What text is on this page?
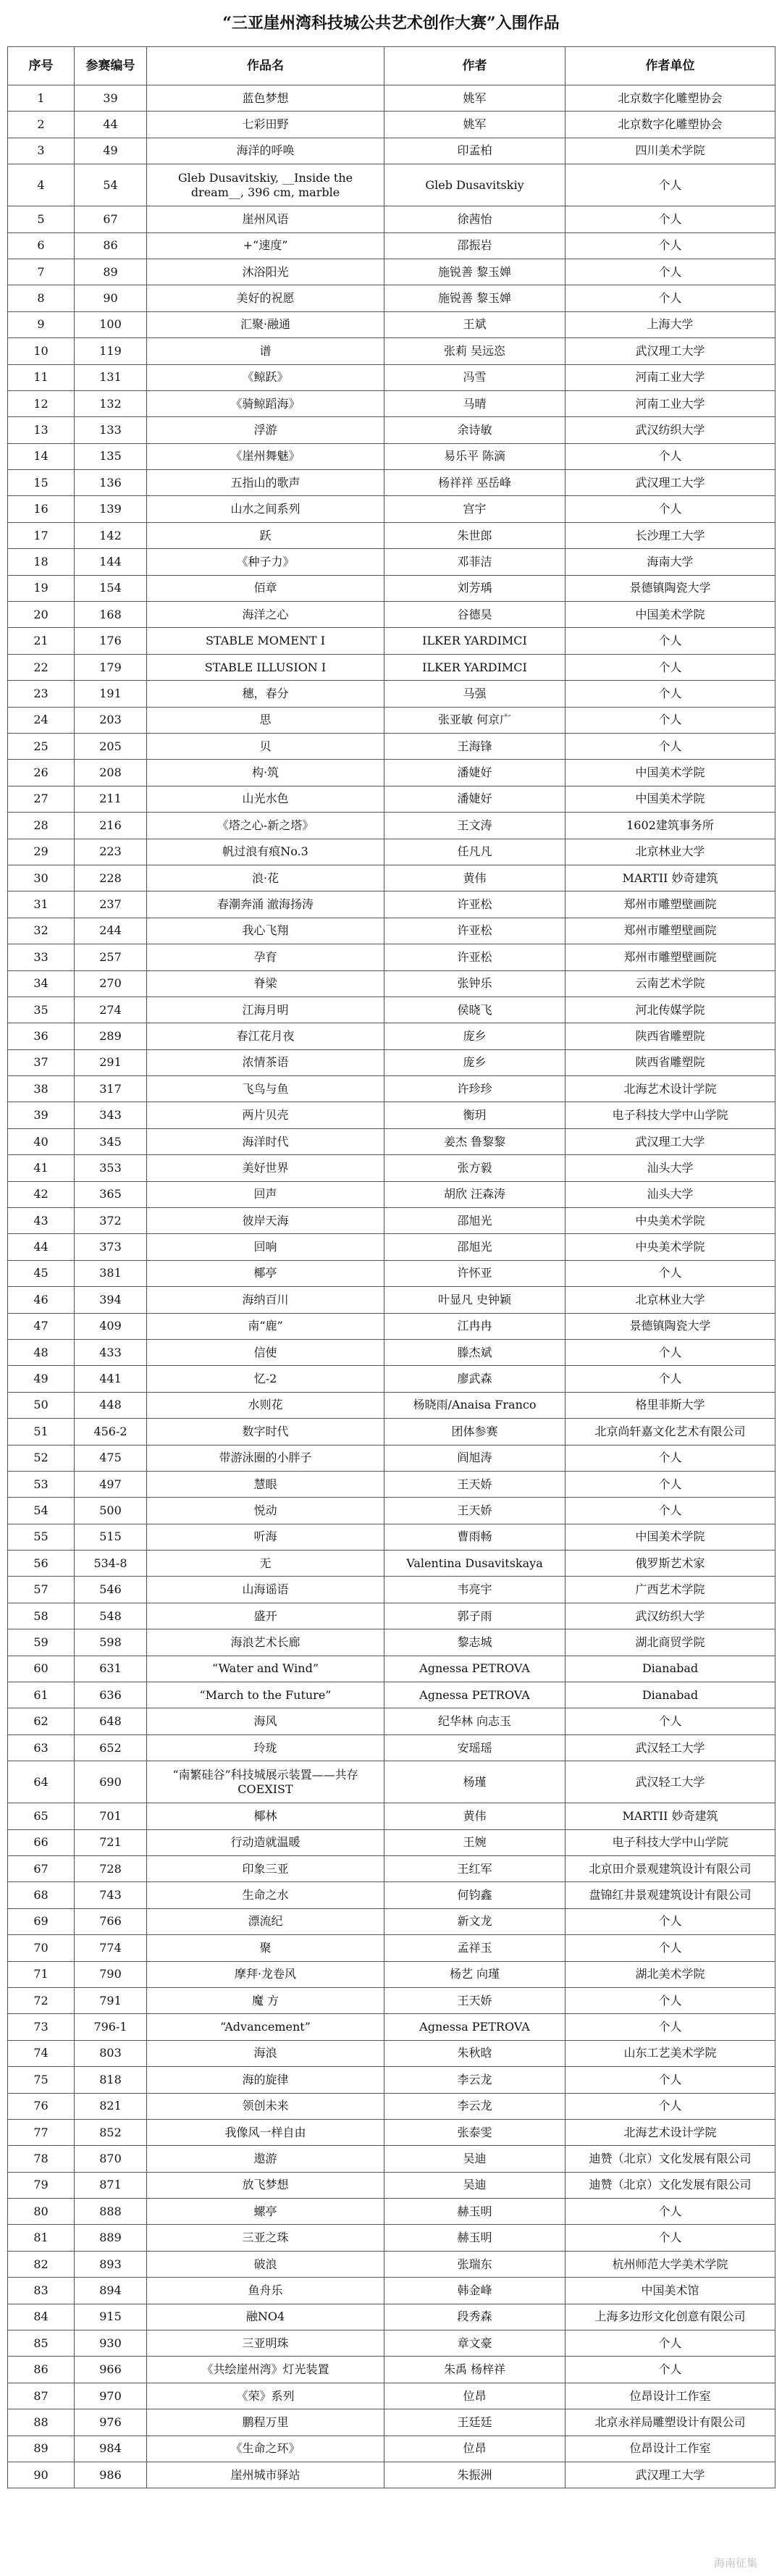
“三亚崖州湾科技城公共艺术创作大赛”入围作品
序号	参赛编号	作品名	作者	作者单位
1	39	蓝色梦想	姚军	北京数字化雕塑协会
2	44	七彩田野	姚军	北京数字化雕塑协会
3	49	海洋的呼唤	印孟柏	四川美术学院
4	54	Gleb Dusavitskiy, __Inside the dream__, 396 cm, marble	Gleb Dusavitskiy	个人
5	67	崖州风语	徐茜怡	个人
6	86	+“速度”	邵振岩	个人
7	89	沐浴阳光	施锐善 黎玉婵	个人
8	90	美好的祝愿	施锐善 黎玉婵	个人
9	100	汇聚·融通	王斌	上海大学
10	119	谱	张莉 吴远恣	武汉理工大学
11	131	《鲸跃》	冯雪	河南工业大学
12	132	《骑鲸蹈海》	马晴	河南工业大学
13	133	浮游	余诗敏	武汉纺织大学
14	135	《崖州舞魅》	易乐平 陈滴	个人
15	136	五指山的歌声	杨祥祥 巫岳峰	武汉理工大学
16	139	山水之间系列	宫宇	个人
17	142	跃	朱世郎	长沙理工大学
18	144	《种子力》	邓菲洁	海南大学
19	154	佰章	刘芳瑀	景德镇陶瓷大学
20	168	海洋之心	谷德昊	中国美术学院
21	176	STABLE MOMENT I	ILKER YARDIMCI	个人
22	179	STABLE ILLUSION I	ILKER YARDIMCI	个人
23	191	穗，春分	马强	个人
24	203	思	张亚敏 何京广	个人
25	205	贝	王海锋	个人
26	208	构·筑	潘婕好	中国美术学院
27	211	山光水色	潘婕好	中国美术学院
28	216	《塔之心-新之塔》	王文涛	1602建筑事务所
29	223	帆过浪有痕No.3	任凡凡	北京林业大学
30	228	浪·花	黄伟	MARTII 妙奇建筑
31	237	春潮奔涌 澈海扬涛	许亚松	郑州市雕塑壁画院
32	244	我心飞翔	许亚松	郑州市雕塑壁画院
33	257	孕育	许亚松	郑州市雕塑壁画院
34	270	脊梁	张钟乐	云南艺术学院
35	274	江海月明	侯晓飞	河北传媒学院
36	289	春江花月夜	庞乡	陕西省雕塑院
37	291	浓情茶语	庞乡	陕西省雕塑院
38	317	飞鸟与鱼	许珍珍	北海艺术设计学院
39	343	两片贝壳	衡玥	电子科技大学中山学院
40	345	海洋时代	姜杰 鲁黎黎	武汉理工大学
41	353	美好世界	张方毅	汕头大学
42	365	回声	胡欣 汪森涛	汕头大学
43	372	彼岸天海	邵旭光	中央美术学院
44	373	回响	邵旭光	中央美术学院
45	381	椰亭	许怀亚	个人
46	394	海纳百川	叶显凡 史钟颖	北京林业大学
47	409	南“鹿”	江冉冉	景德镇陶瓷大学
48	433	信使	滕杰斌	个人
49	441	忆-2	廖武森	个人
50	448	水则花	杨晓雨/Anaisa Franco	格里菲斯大学
51	456-2	数字时代	团体参赛	北京尚轩嘉文化艺术有限公司
52	475	带游泳圈的小胖子	阎旭涛	个人
53	497	慧眼	王天娇	个人
54	500	悦动	王天娇	个人
55	515	听海	曹雨畅	中国美术学院
56	534-8	无	Valentina Dusavitskaya	俄罗斯艺术家
57	546	山海谣语	韦亮宇	广西艺术学院
58	548	盛开	郭子雨	武汉纺织大学
59	598	海浪艺术长廊	黎志城	湖北商贸学院
60	631	“Water and Wind”	Agnessa PETROVA	Dianabad
61	636	“March to the Future”	Agnessa PETROVA	Dianabad
62	648	海风	纪华林 向志玉	个人
63	652	玲珑	安瑶瑶	武汉轻工大学
64	690	“南繁硅谷”科技城展示装置——共存COEXIST	杨瑾	武汉轻工大学
65	701	椰林	黄伟	MARTII 妙奇建筑
66	721	行动造就温暖	王婉	电子科技大学中山学院
67	728	印象三亚	王红军	北京田介景观建筑设计有限公司
68	743	生命之水	何钧鑫	盘锦红井景观建筑设计有限公司
69	766	漂流纪	新文龙	个人
70	774	聚	孟祥玉	个人
71	790	摩拜·龙卷风	杨艺 向瑾	湖北美术学院
72	791	魔 方	王天娇	个人
73	796-1	“Advancement”	Agnessa PETROVA	个人
74	803	海浪	朱秋晗	山东工艺美术学院
75	818	海的旋律	李云龙	个人
76	821	领创未来	李云龙	个人
77	852	我像风一样自由	张泰雯	北海艺术设计学院
78	870	遨游	吴迪	迪赞（北京）文化发展有限公司
79	871	放飞梦想	吴迪	迪赞（北京）文化发展有限公司
80	888	螺亭	赫玉明	个人
81	889	三亚之珠	赫玉明	个人
82	893	破浪	张瑞东	杭州师范大学美术学院
83	894	鱼舟乐	韩金峰	中国美术馆
84	915	融NO4	段秀森	上海多边形文化创意有限公司
85	930	三亚明珠	章文豪	个人
86	966	《共绘崖州湾》灯光装置	朱禹 杨梓祥	个人
87	970	《荣》系列	位昂	位昂设计工作室
88	976	鹏程万里	王廷廷	北京永祥局雕塑设计有限公司
89	984	《生命之环》	位昂	位昂设计工作室
90	986	崖州城市驿站	朱振洲	武汉理工大学
海南征集
